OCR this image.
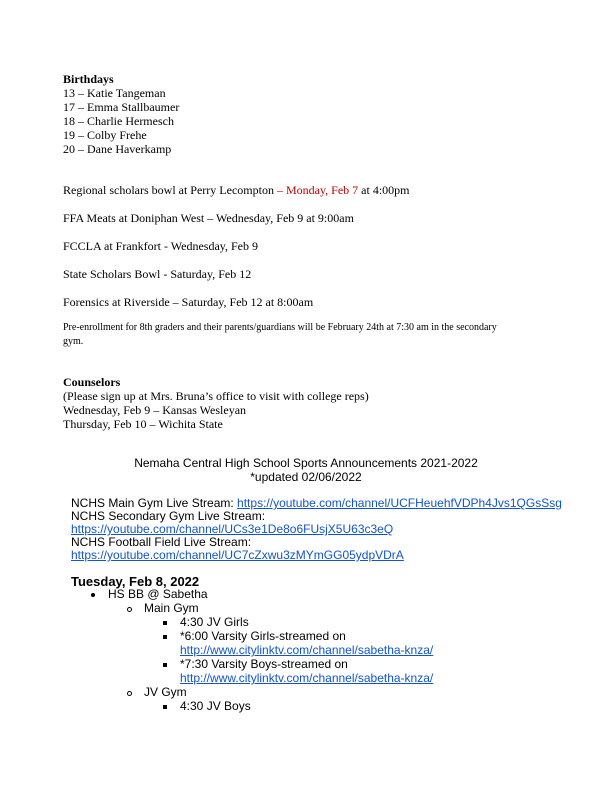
Birthdays
13 – Katie Tangeman
17 – Emma Stallbaumer
18 – Charlie Hermesch
19 – Colby Frehe
20 – Dane Haverkamp
Regional scholars bowl at Perry Lecompton – Monday, Feb 7 at 4:00pm
FFA Meats at Doniphan West – Wednesday, Feb 9 at 9:00am
FCCLA at Frankfort - Wednesday, Feb 9
State Scholars Bowl - Saturday, Feb 12
Forensics at Riverside – Saturday, Feb 12 at 8:00am
Pre-enrollment for 8th graders and their parents/guardians will be February 24th at 7:30 am in the secondary gym.
Counselors
(Please sign up at Mrs. Bruna’s office to visit with college reps)
Wednesday, Feb 9 – Kansas Wesleyan
Thursday, Feb 10 – Wichita State
Nemaha Central High School Sports Announcements 2021-2022
*updated 02/06/2022
NCHS Main Gym Live Stream: https://youtube.com/channel/UCFHeuehfVDPh4Jvs1QGsSsg
NCHS Secondary Gym Live Stream:
https://youtube.com/channel/UCs3e1De8o6FUsjX5U63c3eQ
NCHS Football Field Live Stream:
https://youtube.com/channel/UC7cZxwu3zMYmGG05ydpVDrA
Tuesday, Feb 8, 2022
HS BB @ Sabetha
Main Gym
4:30 JV Girls
*6:00 Varsity Girls-streamed on
http://www.citylinktv.com/channel/sabetha-knza/
*7:30 Varsity Boys-streamed on
http://www.citylinktv.com/channel/sabetha-knza/
JV Gym
4:30 JV Boys
